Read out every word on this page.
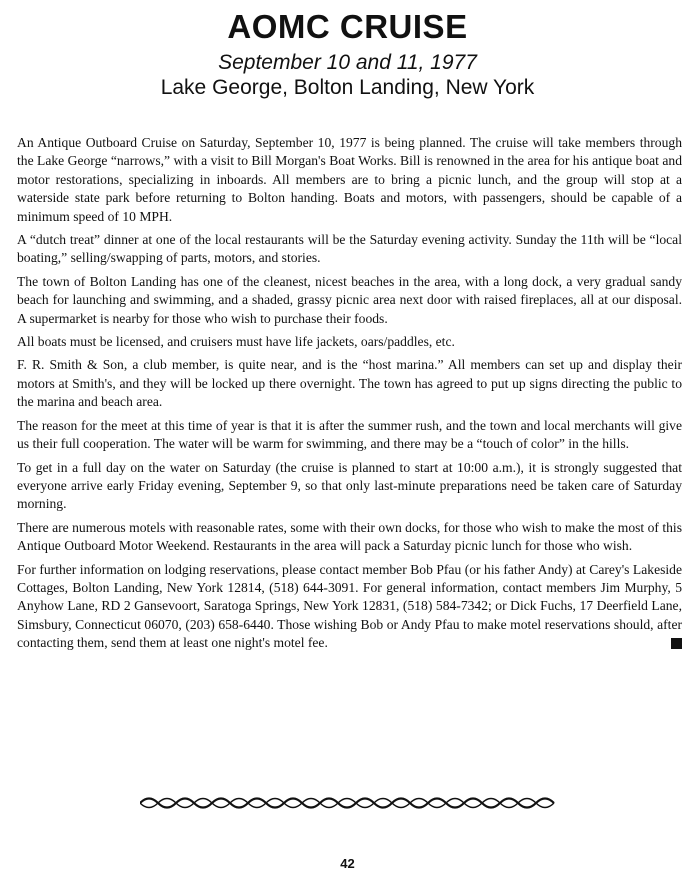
AOMC CRUISE
September 10 and 11, 1977
Lake George, Bolton Landing, New York

An Antique Outboard Cruise on Saturday, September 10, 1977 is being planned. The cruise will take members through the Lake George “narrows,” with a visit to Bill Morgan's Boat Works. Bill is renowned in the area for his antique boat and motor restorations, specializing in inboards. All members are to bring a picnic lunch, and the group will stop at a waterside state park before returning to Bolton handing. Boats and motors, with passengers, should be capable of a minimum speed of 10 MPH.

A “dutch treat” dinner at one of the local restaurants will be the Saturday evening activity. Sunday the 11th will be “local boating,” selling/swapping of parts, motors, and stories.

The town of Bolton Landing has one of the cleanest, nicest beaches in the area, with a long dock, a very gradual sandy beach for launching and swimming, and a shaded, grassy picnic area next door with raised fireplaces, all at our disposal. A supermarket is nearby for those who wish to purchase their foods.

All boats must be licensed, and cruisers must have life jackets, oars/paddles, etc.

F. R. Smith & Son, a club member, is quite near, and is the “host marina.” All members can set up and display their motors at Smith's, and they will be locked up there overnight. The town has agreed to put up signs directing the public to the marina and beach area.

The reason for the meet at this time of year is that it is after the summer rush, and the town and local merchants will give us their full cooperation. The water will be warm for swimming, and there may be a “touch of color” in the hills.

To get in a full day on the water on Saturday (the cruise is planned to start at 10:00 a.m.), it is strongly suggested that everyone arrive early Friday evening, September 9, so that only last-minute preparations need be taken care of Saturday morning.

There are numerous motels with reasonable rates, some with their own docks, for those who wish to make the most of this Antique Outboard Motor Weekend. Restaurants in the area will pack a Saturday picnic lunch for those who wish.

For further information on lodging reservations, please contact member Bob Pfau (or his father Andy) at Carey's Lakeside Cottages, Bolton Landing, New York 12814, (518) 644-3091. For general information, contact members Jim Murphy, 5 Anyhow Lane, RD 2 Gansevoort, Saratoga Springs, New York 12831, (518) 584-7342; or Dick Fuchs, 17 Deerfield Lane, Simsbury, Connecticut 06070, (203) 658-6440. Those wishing Bob or Andy Pfau to make motel reservations should, after contacting them, send them at least one night's motel fee.

42
